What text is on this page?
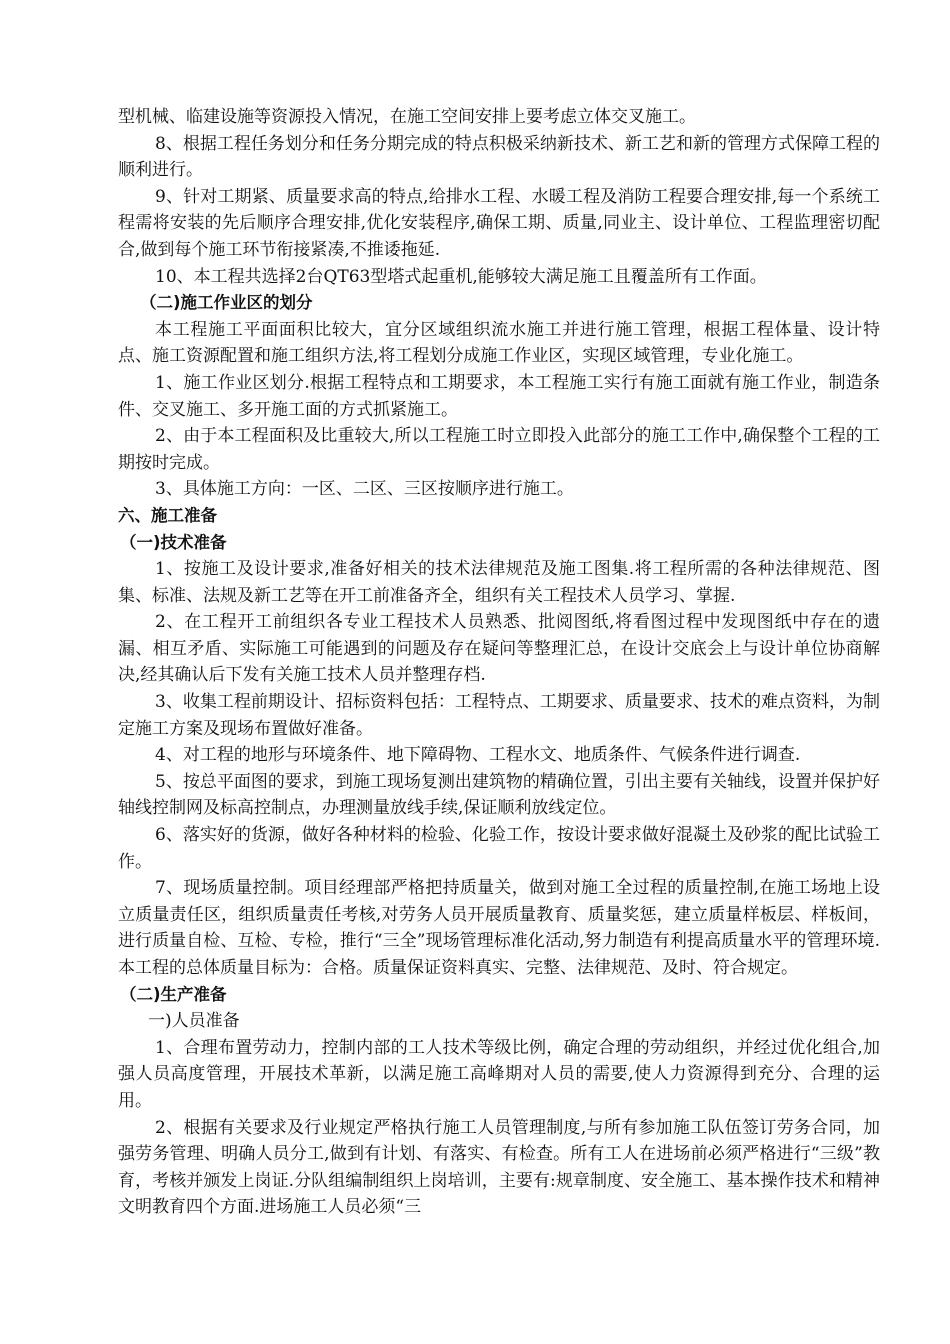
型机械、临建设施等资源投入情况，在施工空间安排上要考虑立体交叉施工。

8、根据工程任务划分和任务分期完成的特点积极采纳新技术、新工艺和新的管理方式保障工程的顺利进行。

9、针对工期紧、质量要求高的特点,给排水工程、水暖工程及消防工程要合理安排,每一个系统工程需将安装的先后顺序合理安排,优化安装程序,确保工期、质量,同业主、设计单位、工程监理密切配合,做到每个施工环节衔接紧凑,不推诿拖延.

10、本工程共选择2台QT63型塔式起重机,能够较大满足施工且覆盖所有工作面。

（二)施工作业区的划分

本工程施工平面面积比较大，宜分区域组织流水施工并进行施工管理，根据工程体量、设计特点、施工资源配置和施工组织方法,将工程划分成施工作业区，实现区域管理，专业化施工。

1、施工作业区划分.根据工程特点和工期要求，本工程施工实行有施工面就有施工作业，制造条件、交叉施工、多开施工面的方式抓紧施工。

2、由于本工程面积及比重较大,所以工程施工时立即投入此部分的施工工作中,确保整个工程的工期按时完成。

3、具体施工方向：一区、二区、三区按顺序进行施工。

六、施工准备

（一)技术准备

1、按施工及设计要求,准备好相关的技术法律规范及施工图集.将工程所需的各种法律规范、图集、标准、法规及新工艺等在开工前准备齐全，组织有关工程技术人员学习、掌握.

2、在工程开工前组织各专业工程技术人员熟悉、批阅图纸,将看图过程中发现图纸中存在的遗漏、相互矛盾、实际施工可能遇到的问题及存在疑问等整理汇总，在设计交底会上与设计单位协商解决,经其确认后下发有关施工技术人员并整理存档.

3、收集工程前期设计、招标资料包括：工程特点、工期要求、质量要求、技术的难点资料，为制定施工方案及现场布置做好准备。

4、对工程的地形与环境条件、地下障碍物、工程水文、地质条件、气候条件进行调查.

5、按总平面图的要求，到施工现场复测出建筑物的精确位置，引出主要有关轴线，设置并保护好轴线控制网及标高控制点，办理测量放线手续,保证顺利放线定位。

6、落实好的货源，做好各种材料的检验、化验工作，按设计要求做好混凝土及砂浆的配比试验工作。

7、现场质量控制。项目经理部严格把持质量关，做到对施工全过程的质量控制,在施工场地上设立质量责任区，组织质量责任考核,对劳务人员开展质量教育、质量奖惩，建立质量样板层、样板间，进行质量自检、互检、专检，推行“三全”现场管理标准化活动,努力制造有利提高质量水平的管理环境.本工程的总体质量目标为：合格。质量保证资料真实、完整、法律规范、及时、符合规定。

（二)生产准备

一)人员准备

1、合理布置劳动力，控制内部的工人技术等级比例，确定合理的劳动组织，并经过优化组合,加强人员高度管理，开展技术革新，以满足施工高峰期对人员的需要,使人力资源得到充分、合理的运用。

2、根据有关要求及行业规定严格执行施工人员管理制度,与所有参加施工队伍签订劳务合同，加强劳务管理、明确人员分工,做到有计划、有落实、有检查。所有工人在进场前必须严格进行“三级”教育，考核并颁发上岗证.分队组编制组织上岗培训，主要有:规章制度、安全施工、基本操作技术和精神文明教育四个方面.进场施工人员必须“三
